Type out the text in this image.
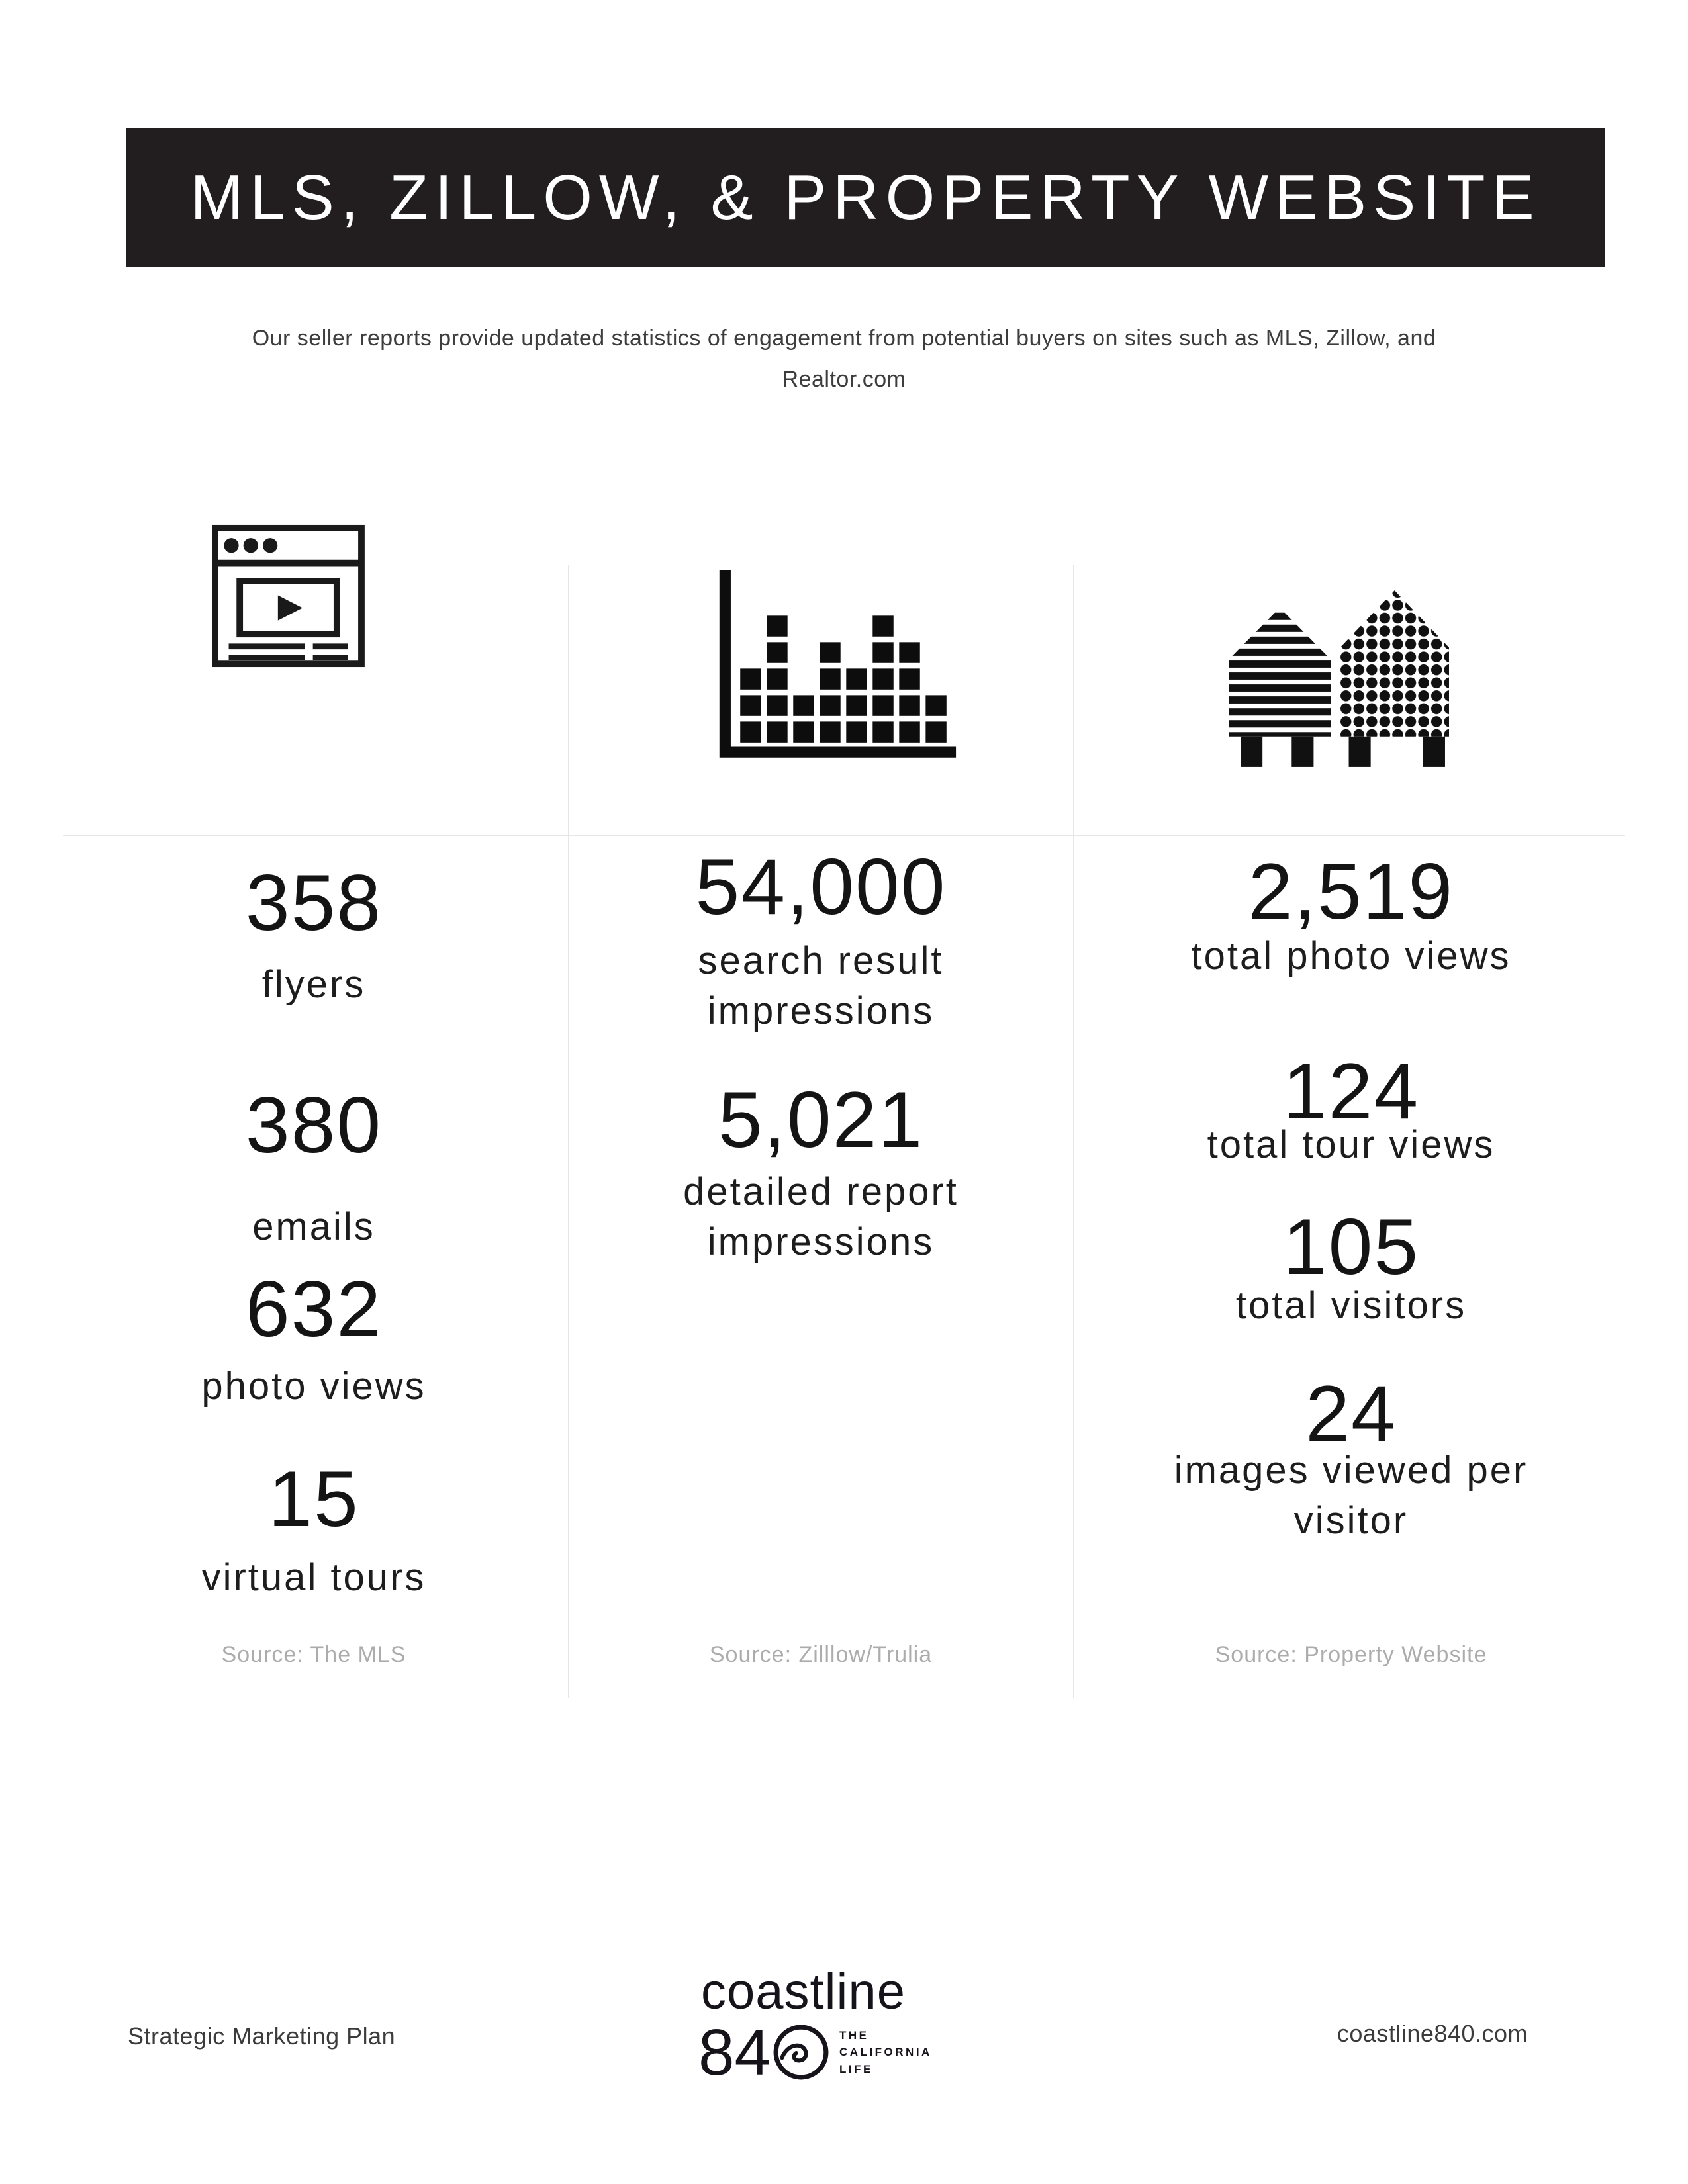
MLS, ZILLOW, & PROPERTY WEBSITE

Our seller reports provide updated statistics of engagement from potential buyers on sites such as MLS, Zillow, and Realtor.com

358
flyers
380
emails
632
photo views
15
virtual tours
Source: The MLS
54,000
search result impressions
5,021
detailed report impressions
Source: Zilllow/Trulia
2,519
total photo views
124
total tour views
105
total visitors
24
images viewed per visitor
Source: Property Website
Strategic Marketing Plan
coastline
84	THE
CALIFORNIA
LIFE
coastline840.com
